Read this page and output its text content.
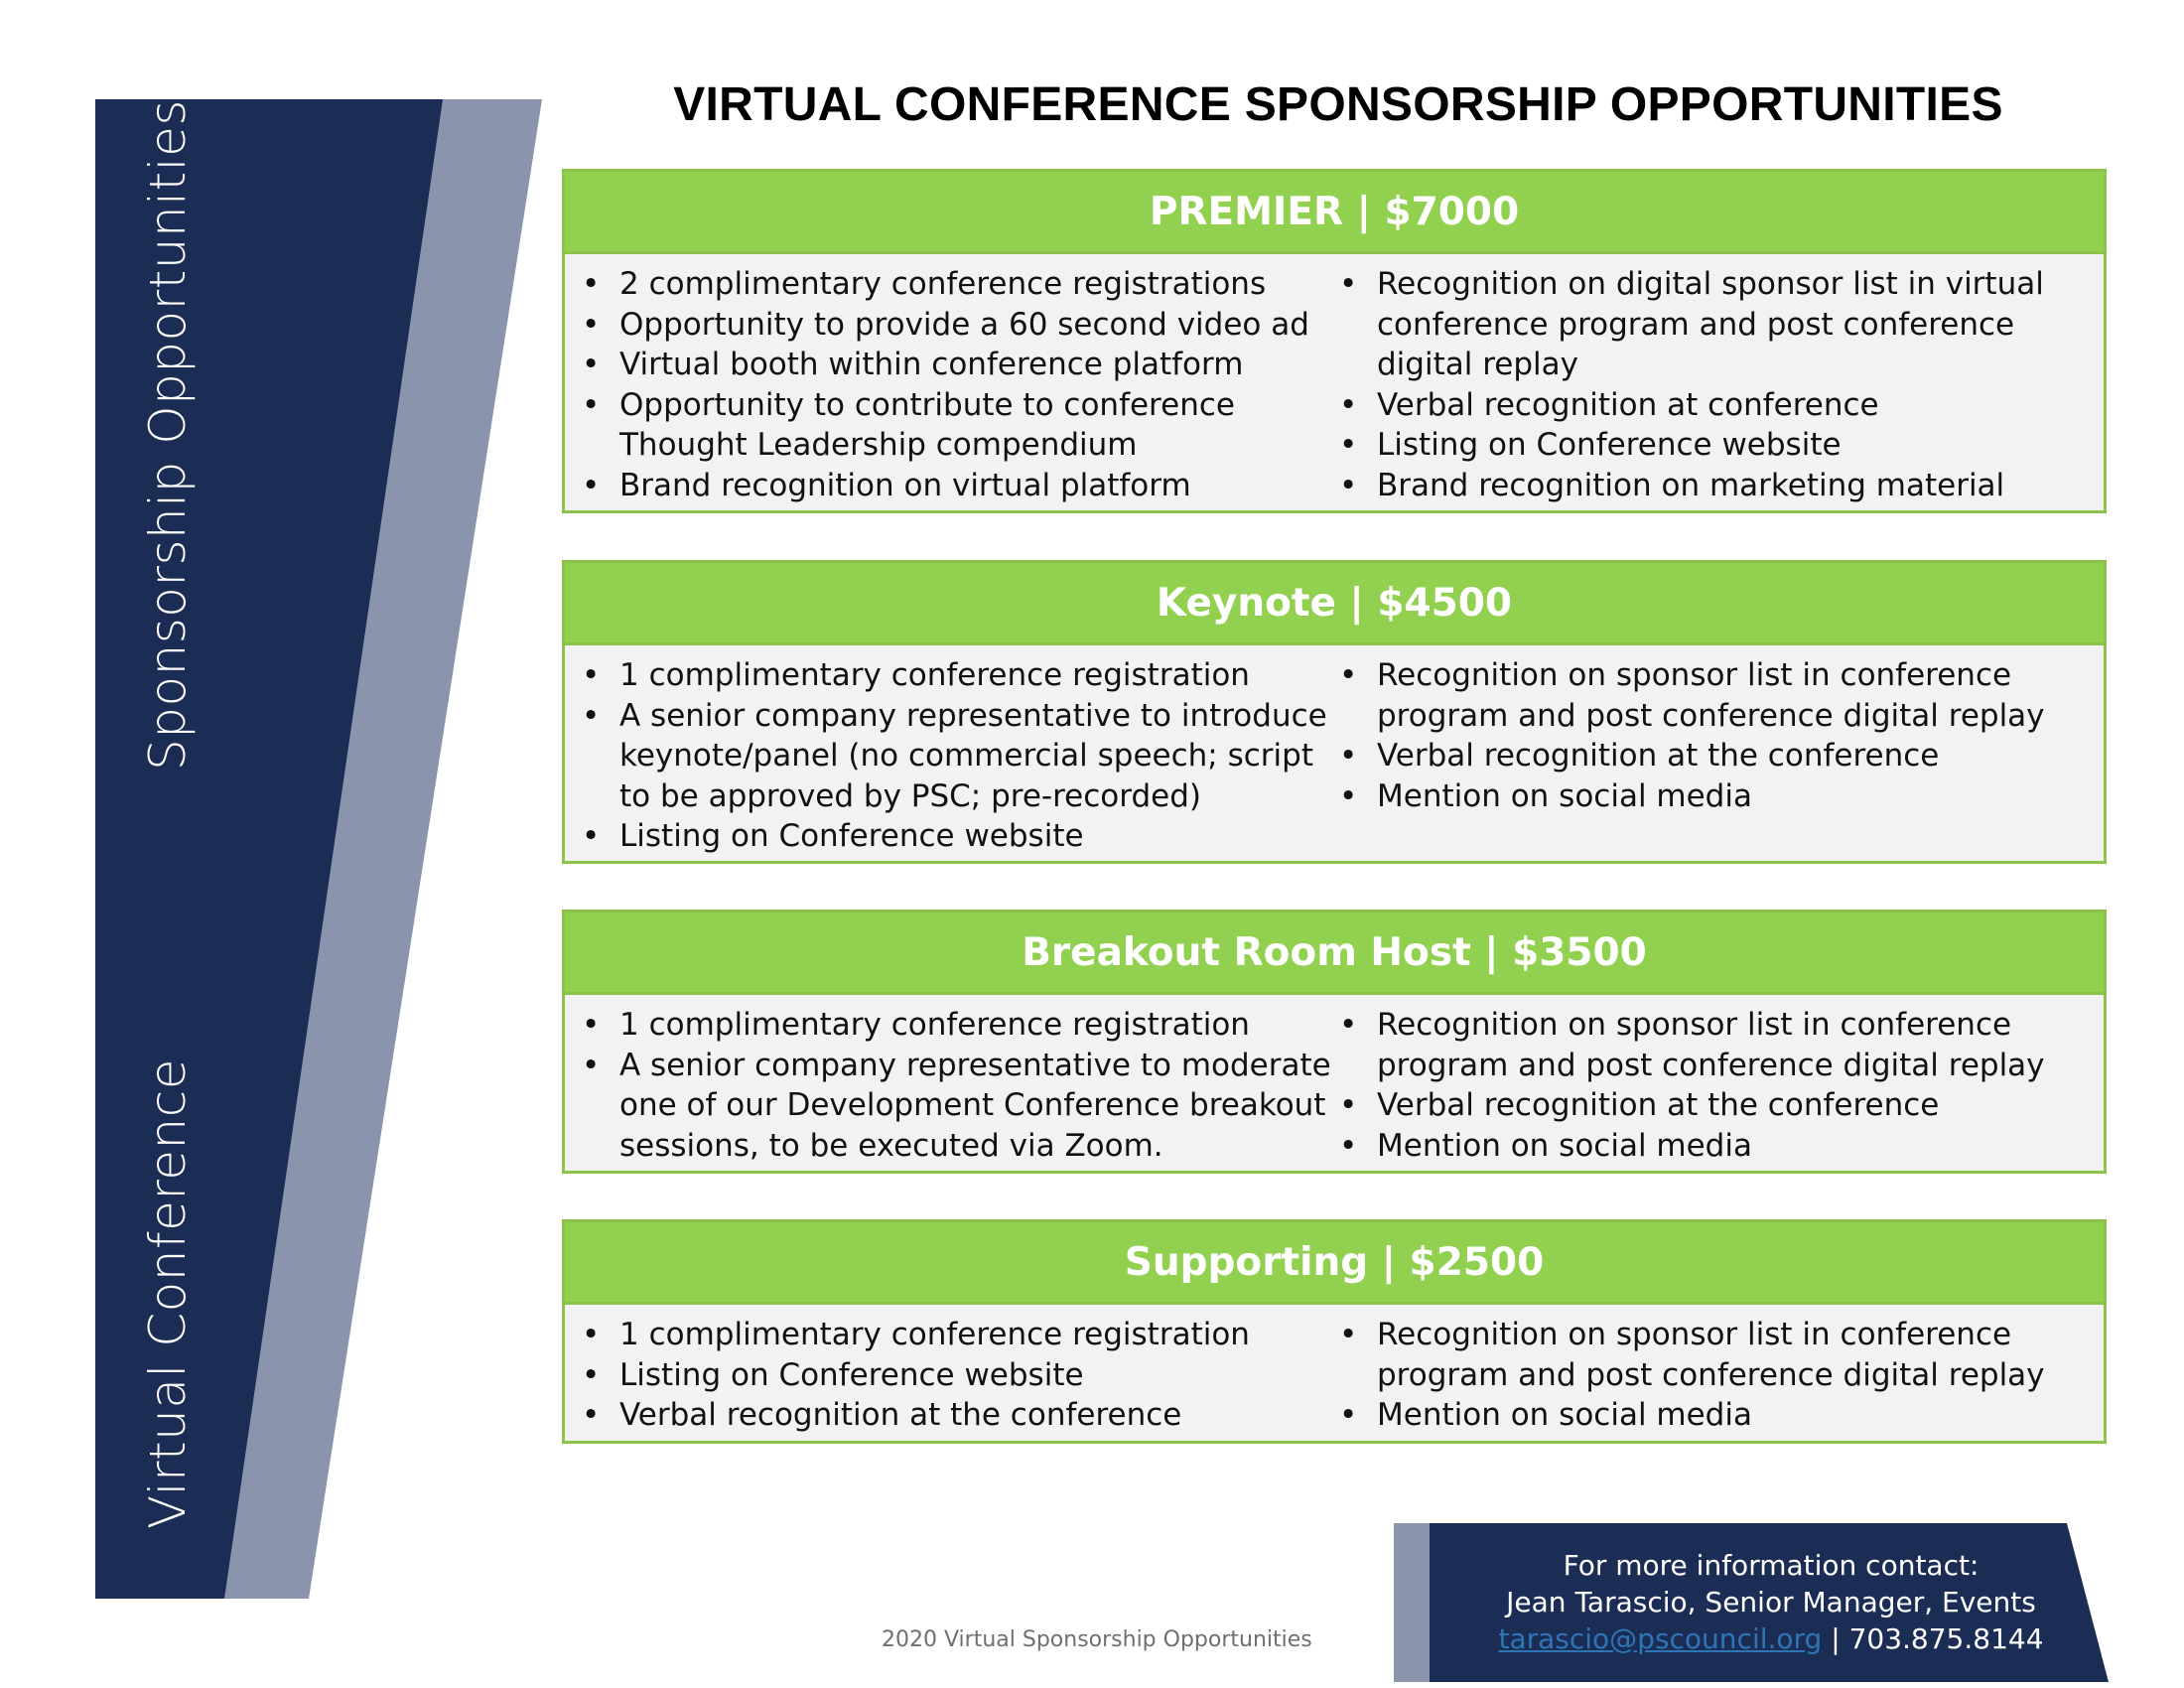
Sponsorship Opportunities
Virtual Conference
VIRTUAL CONFERENCE SPONSORSHIP OPPORTUNITIES
PREMIER | $7000
• 2 complimentary conference registrations
• Opportunity to provide a 60 second video ad
• Virtual booth within conference platform
• Opportunity to contribute to conference Thought Leadership compendium
• Brand recognition on virtual platform
• Recognition on digital sponsor list in virtual conference program and post conference digital replay
• Verbal recognition at conference
• Listing on Conference website
• Brand recognition on marketing material
Keynote | $4500
• 1 complimentary conference registration
• A senior company representative to introduce keynote/panel (no commercial speech; script to be approved by PSC; pre-recorded)
• Listing on Conference website
• Recognition on sponsor list in conference program and post conference digital replay
• Verbal recognition at the conference
• Mention on social media
Breakout Room Host | $3500
• 1 complimentary conference registration
• A senior company representative to moderate one of our Development Conference breakout sessions, to be executed via Zoom.
• Recognition on sponsor list in conference program and post conference digital replay
• Verbal recognition at the conference
• Mention on social media
Supporting | $2500
• 1 complimentary conference registration
• Listing on Conference website
• Verbal recognition at the conference
• Recognition on sponsor list in conference program and post conference digital replay
• Mention on social media
2020 Virtual Sponsorship Opportunities
For more information contact:
Jean Tarascio, Senior Manager, Events
tarascio@pscouncil.org | 703.875.8144
